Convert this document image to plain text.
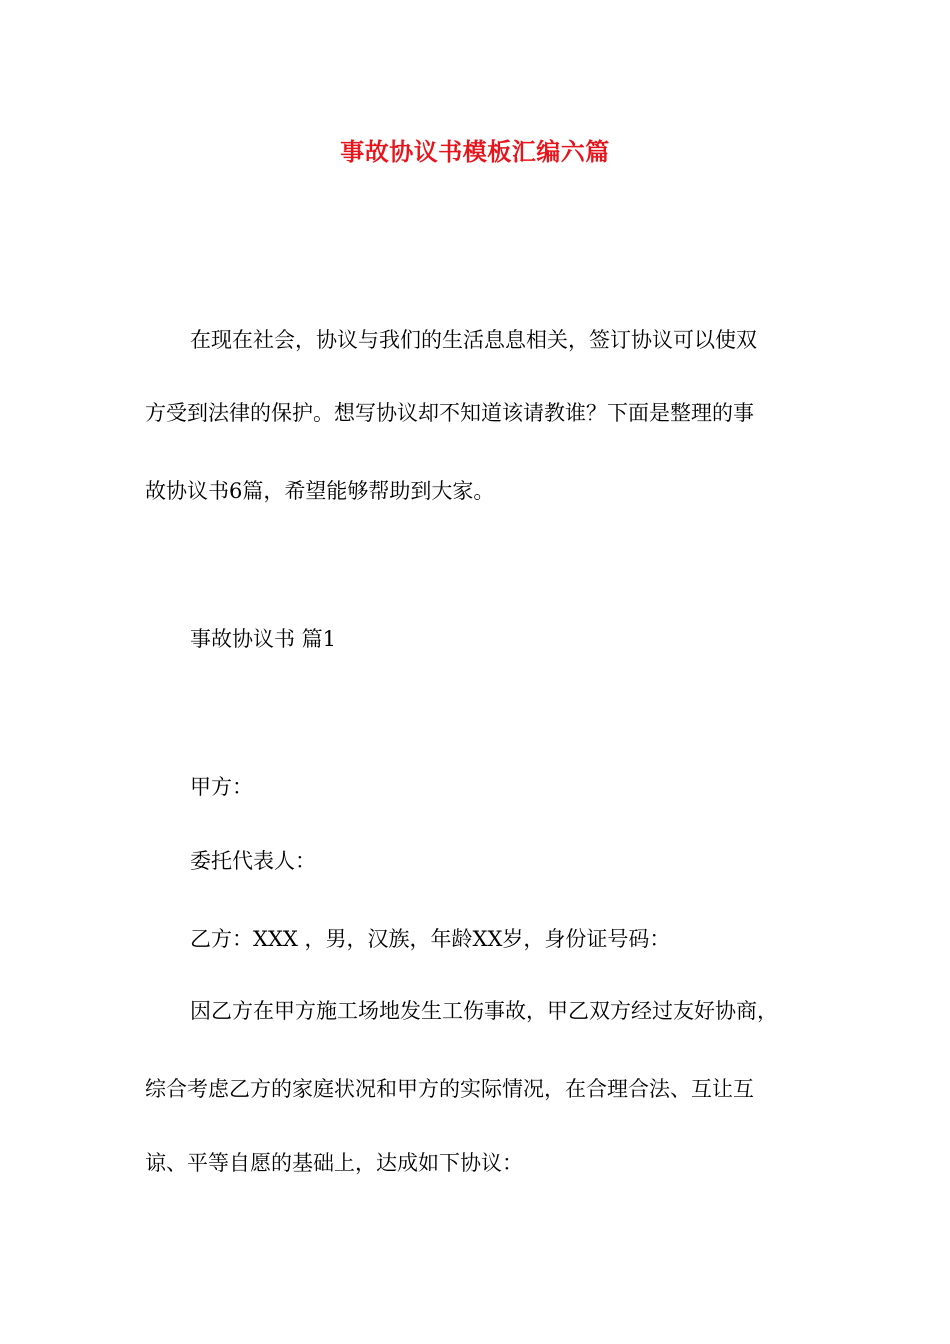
事故协议书模板汇编六篇
在现在社会，协议与我们的生活息息相关，签订协议可以使双
方受到法律的保护。想写协议却不知道该请教谁？下面是整理的事
故协议书6篇，希望能够帮助到大家。
事故协议书 篇1
甲方：
委托代表人：
乙方：XXX ，男，汉族，年龄XX岁，身份证号码：
因乙方在甲方施工场地发生工伤事故，甲乙双方经过友好协商，
综合考虑乙方的家庭状况和甲方的实际情况，在合理合法、互让互
谅、平等自愿的基础上，达成如下协议：
